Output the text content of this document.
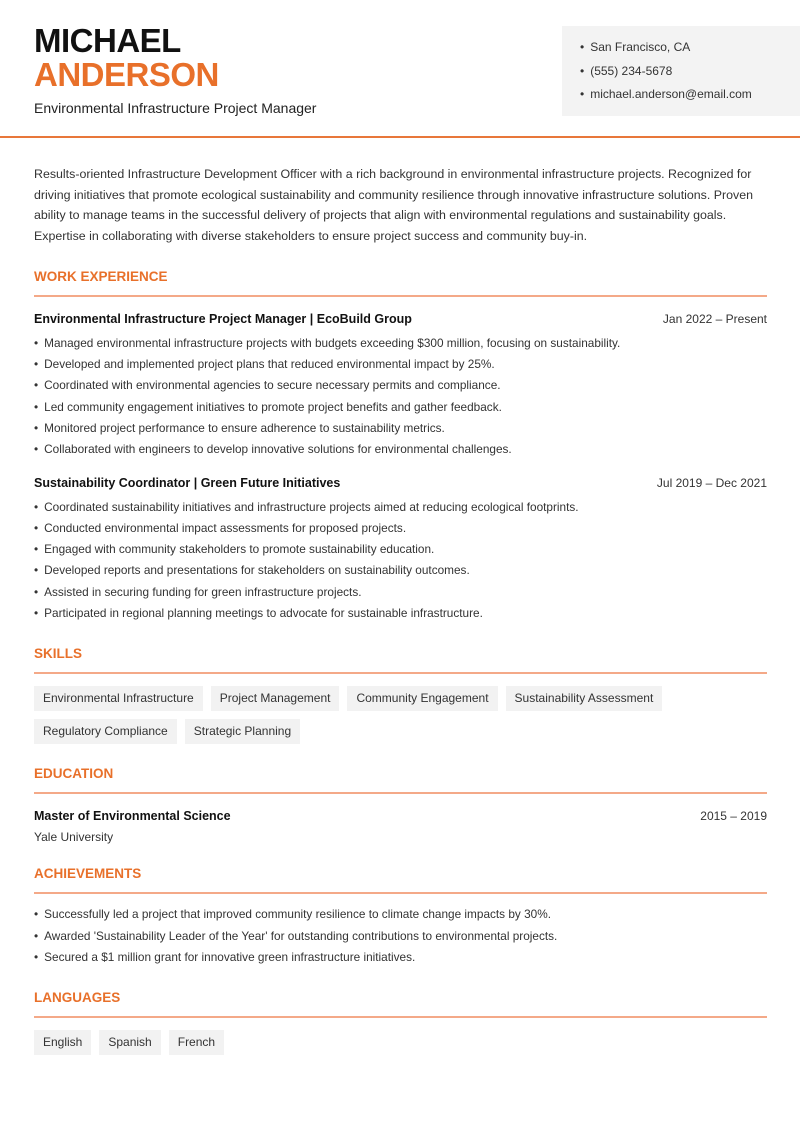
MICHAEL
ANDERSON
Environmental Infrastructure Project Manager
• San Francisco, CA
• (555) 234-5678
• michael.anderson@email.com

Results-oriented Infrastructure Development Officer with a rich background in environmental infrastructure projects. Recognized for driving initiatives that promote ecological sustainability and community resilience through innovative infrastructure solutions. Proven ability to manage teams in the successful delivery of projects that align with environmental regulations and sustainability goals. Expertise in collaborating with diverse stakeholders to ensure project success and community buy-in.

WORK EXPERIENCE
Environmental Infrastructure Project Manager | EcoBuild Group	Jan 2022 – Present
• Managed environmental infrastructure projects with budgets exceeding $300 million, focusing on sustainability.
• Developed and implemented project plans that reduced environmental impact by 25%.
• Coordinated with environmental agencies to secure necessary permits and compliance.
• Led community engagement initiatives to promote project benefits and gather feedback.
• Monitored project performance to ensure adherence to sustainability metrics.
• Collaborated with engineers to develop innovative solutions for environmental challenges.
Sustainability Coordinator | Green Future Initiatives	Jul 2019 – Dec 2021
• Coordinated sustainability initiatives and infrastructure projects aimed at reducing ecological footprints.
• Conducted environmental impact assessments for proposed projects.
• Engaged with community stakeholders to promote sustainability education.
• Developed reports and presentations for stakeholders on sustainability outcomes.
• Assisted in securing funding for green infrastructure projects.
• Participated in regional planning meetings to advocate for sustainable infrastructure.
SKILLS
Environmental Infrastructure	Project Management	Community Engagement	Sustainability Assessment
Regulatory Compliance	Strategic Planning
EDUCATION
Master of Environmental Science	2015 – 2019
Yale University
ACHIEVEMENTS
• Successfully led a project that improved community resilience to climate change impacts by 30%.
• Awarded 'Sustainability Leader of the Year' for outstanding contributions to environmental projects.
• Secured a $1 million grant for innovative green infrastructure initiatives.
LANGUAGES
English	Spanish	French
